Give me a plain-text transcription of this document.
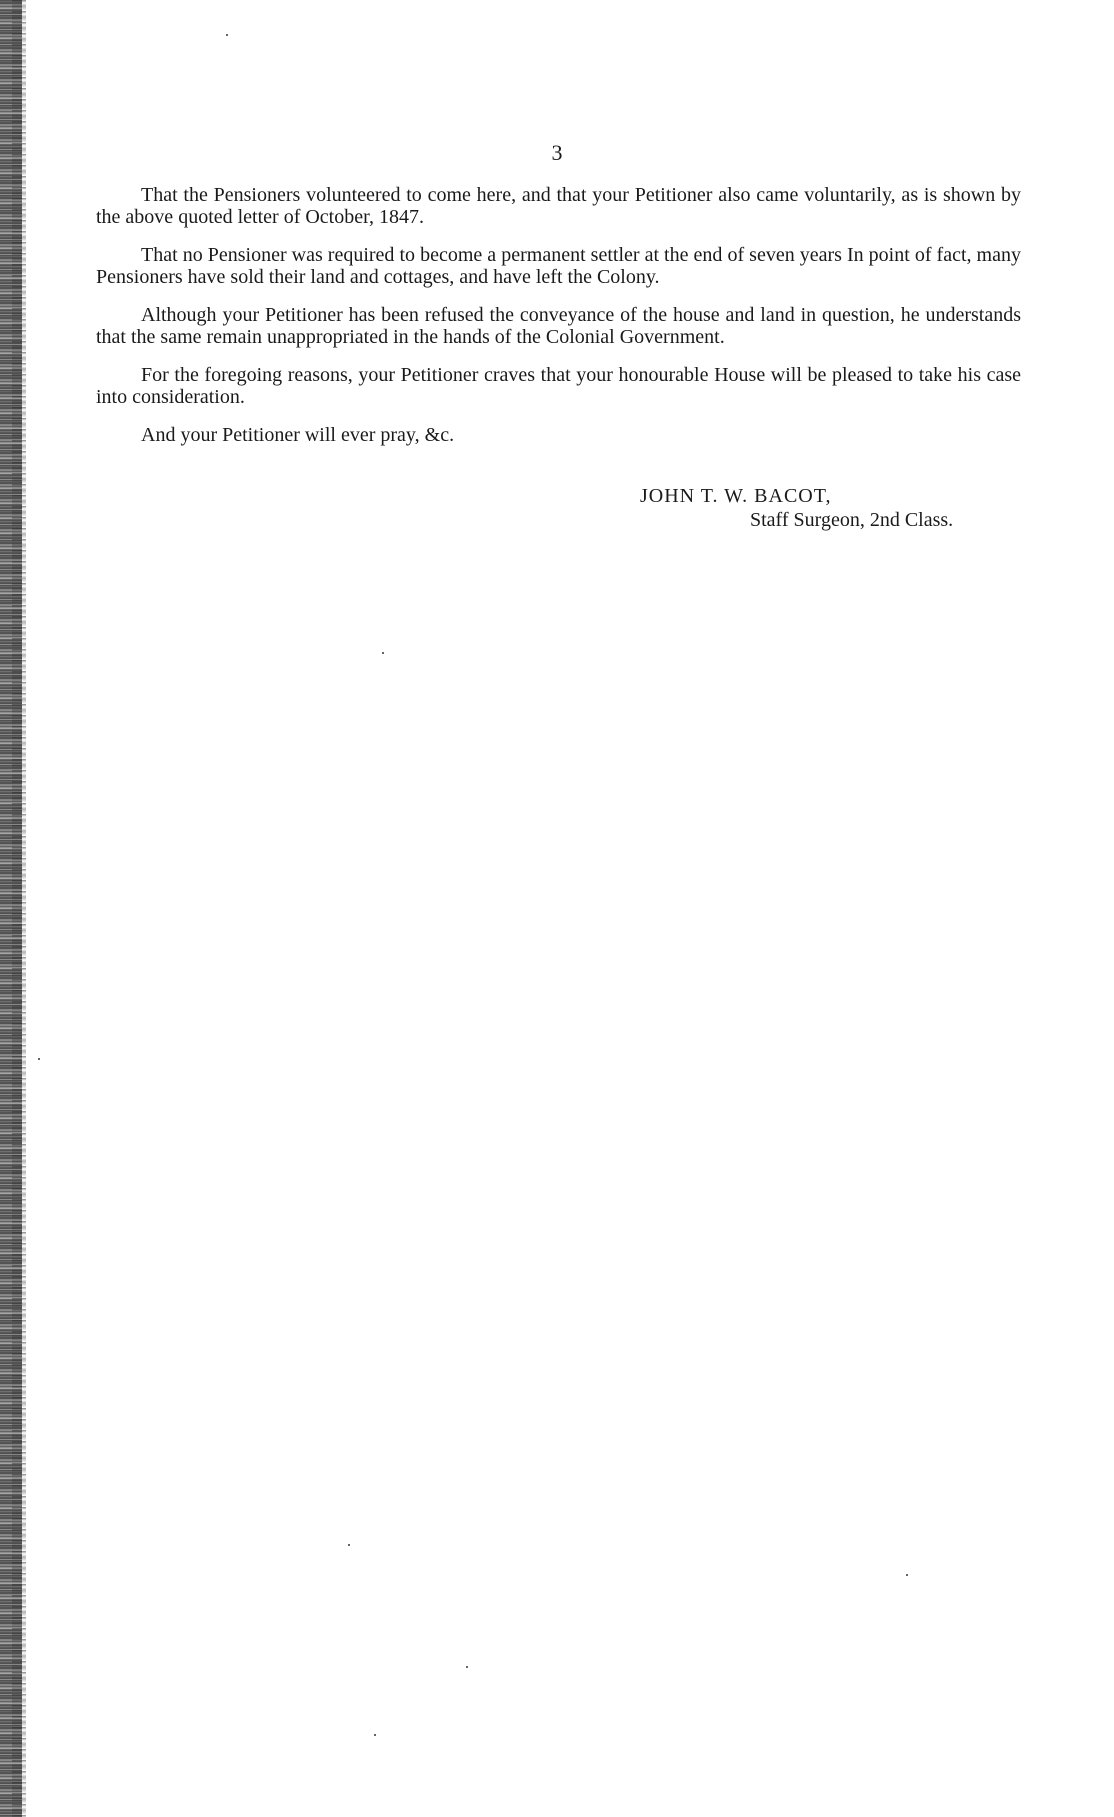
3

That the Pensioners volunteered to come here, and that your Petitioner also came voluntarily, as is shown by the above quoted letter of October, 1847.

That no Pensioner was required to become a permanent settler at the end of seven years In point of fact, many Pensioners have sold their land and cottages, and have left the Colony.

Although your Petitioner has been refused the conveyance of the house and land in question, he understands that the same remain unappropriated in the hands of the Colonial Government.

For the foregoing reasons, your Petitioner craves that your honourable House will be pleased to take his case into consideration.

And your Petitioner will ever pray, &c.

JOHN T. W. BACOT,
Staff Surgeon, 2nd Class.
